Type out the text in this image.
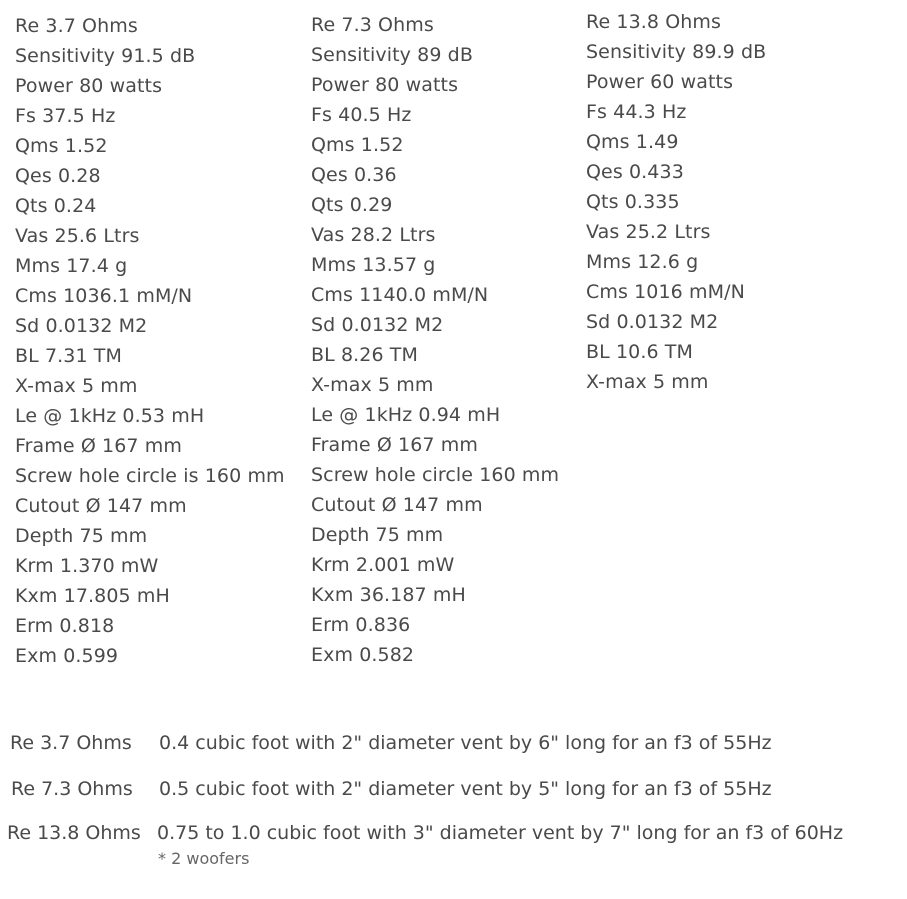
Re 3.7 Ohms
Sensitivity 91.5 dB
Power 80 watts
Fs 37.5 Hz
Qms 1.52
Qes 0.28
Qts 0.24
Vas 25.6 Ltrs
Mms 17.4 g
Cms 1036.1 mM/N
Sd 0.0132 M2
BL 7.31 TM
X-max 5 mm
Le @ 1kHz 0.53 mH
Frame Ø 167 mm
Screw hole circle is 160 mm
Cutout Ø 147 mm
Depth 75 mm
Krm 1.370 mW
Kxm 17.805 mH
Erm 0.818
Exm 0.599
Re 7.3 Ohms
Sensitivity 89 dB
Power 80 watts
Fs 40.5 Hz
Qms 1.52
Qes 0.36
Qts 0.29
Vas 28.2 Ltrs
Mms 13.57 g
Cms 1140.0 mM/N
Sd 0.0132 M2
BL 8.26 TM
X-max 5 mm
Le @ 1kHz 0.94 mH
Frame Ø 167 mm
Screw hole circle 160 mm
Cutout Ø 147 mm
Depth 75 mm
Krm 2.001 mW
Kxm 36.187 mH
Erm 0.836
Exm 0.582
Re 13.8 Ohms
Sensitivity 89.9 dB
Power 60 watts
Fs 44.3 Hz
Qms 1.49
Qes 0.433
Qts 0.335
Vas 25.2 Ltrs
Mms 12.6 g
Cms 1016 mM/N
Sd 0.0132 M2
BL 10.6 TM
X-max 5 mm
Re 3.7 Ohms 0.4 cubic foot with 2" diameter vent by 6" long for an f3 of 55Hz
Re 7.3 Ohms 0.5 cubic foot with 2" diameter vent by 5" long for an f3 of 55Hz
Re 13.8 Ohms 0.75 to 1.0 cubic foot with 3" diameter vent by 7" long for an f3 of 60Hz
* 2 woofers
